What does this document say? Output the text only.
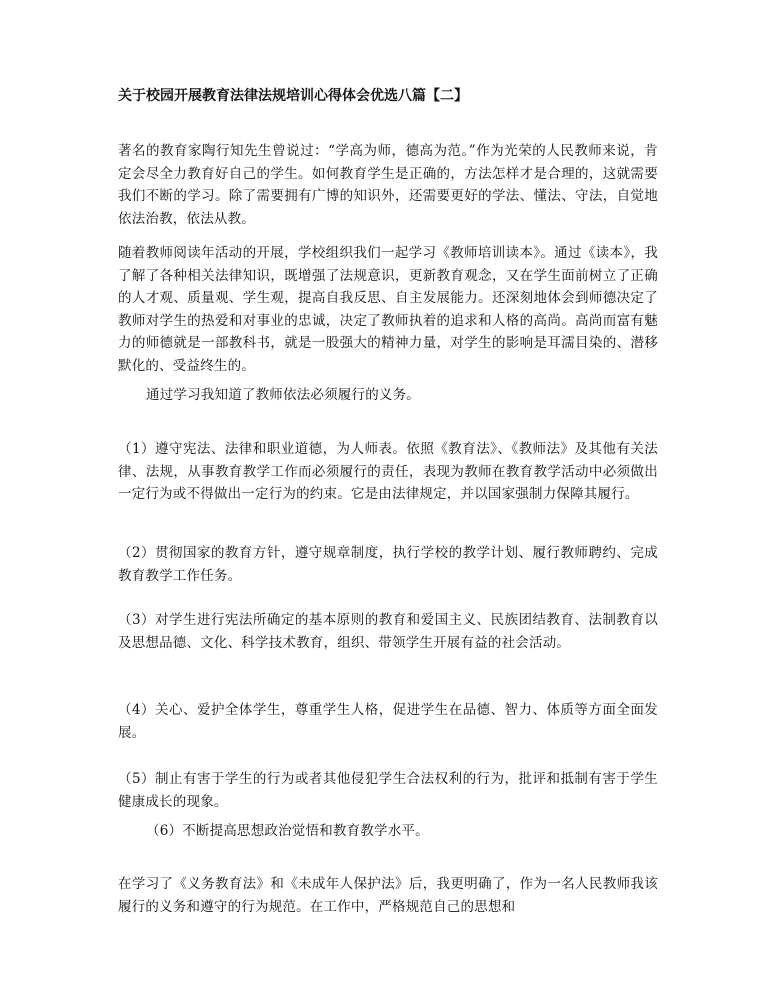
关于校园开展教育法律法规培训心得体会优选八篇【二】
著名的教育家陶行知先生曾说过：“学高为师，德高为范。”作为光荣的人民教师来说，肯定会尽全力教育好自己的学生。如何教育学生是正确的，方法怎样才是合理的，这就需要我们不断的学习。除了需要拥有广博的知识外，还需要更好的学法、懂法、守法，自觉地依法治教，依法从教。
随着教师阅读年活动的开展，学校组织我们一起学习《教师培训读本》。通过《读本》，我了解了各种相关法律知识，既增强了法规意识，更新教育观念，又在学生面前树立了正确的人才观、质量观、学生观，提高自我反思、自主发展能力。还深刻地体会到师德决定了教师对学生的热爱和对事业的忠诚，决定了教师执着的追求和人格的高尚。高尚而富有魅力的师德就是一部教科书，就是一股强大的精神力量，对学生的影响是耳濡目染的、潜移默化的、受益终生的。
通过学习我知道了教师依法必须履行的义务。
（1）遵守宪法、法律和职业道德，为人师表。依照《教育法》、《教师法》及其他有关法律、法规，从事教育教学工作而必须履行的责任，表现为教师在教育教学活动中必须做出一定行为或不得做出一定行为的约束。它是由法律规定，并以国家强制力保障其履行。
（2）贯彻国家的教育方针，遵守规章制度，执行学校的教学计划、履行教师聘约、完成教育教学工作任务。
（3）对学生进行宪法所确定的基本原则的教育和爱国主义、民族团结教育、法制教育以及思想品德、文化、科学技术教育，组织、带领学生开展有益的社会活动。
（4）关心、爱护全体学生，尊重学生人格，促进学生在品德、智力、体质等方面全面发展。
（5）制止有害于学生的行为或者其他侵犯学生合法权利的行为，批评和抵制有害于学生健康成长的现象。
（6）不断提高思想政治觉悟和教育教学水平。
在学习了《义务教育法》和《未成年人保护法》后，我更明确了，作为一名人民教师我该履行的义务和遵守的行为规范。在工作中，严格规范自己的思想和
